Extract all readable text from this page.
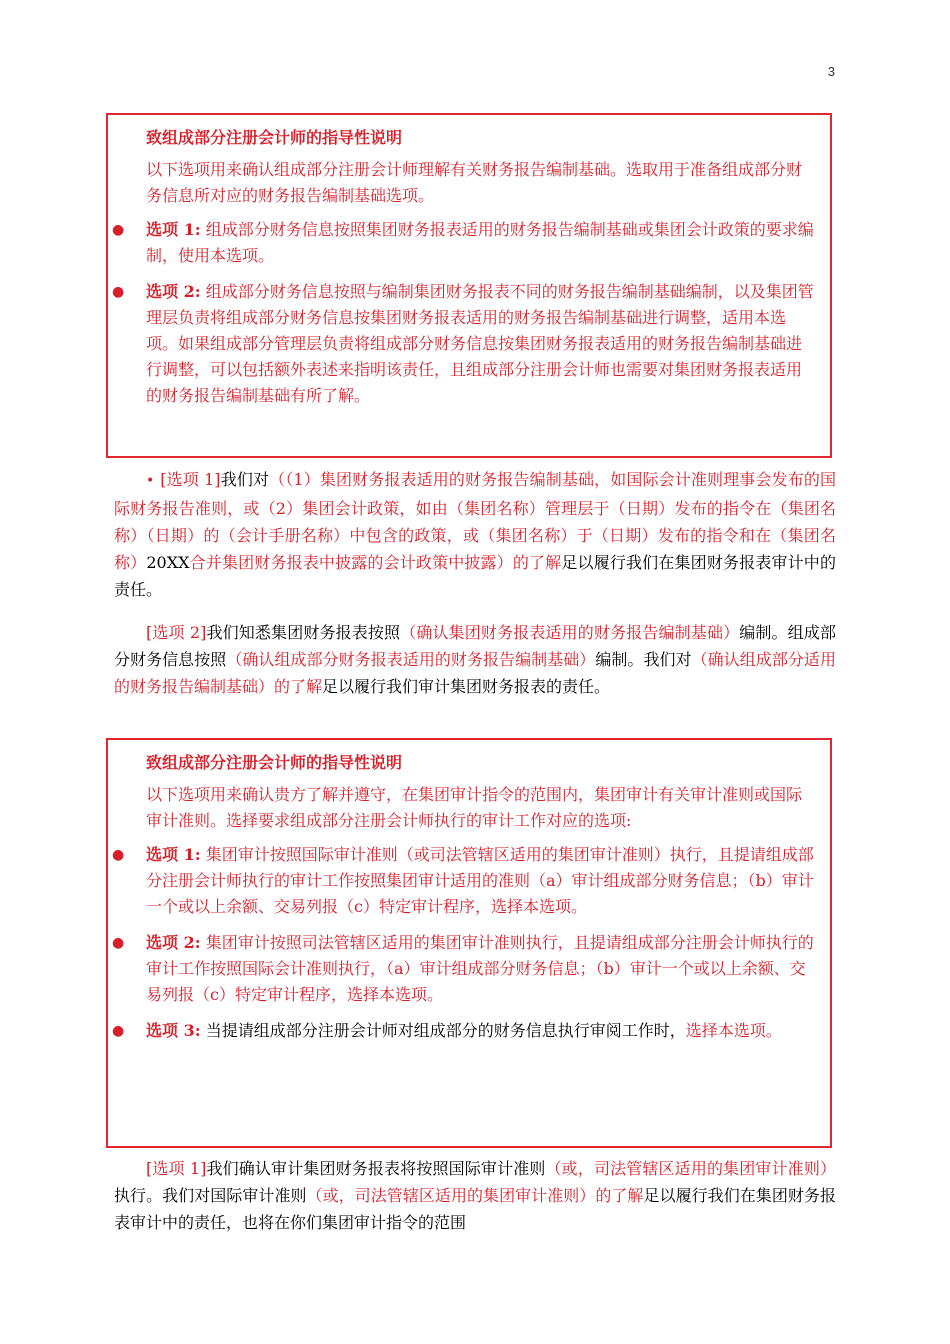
3
致组成部分注册会计师的指导性说明
以下选项用来确认组成部分注册会计师理解有关财务报告编制基础。选取用于准备组成部分财务信息所对应的财务报告编制基础选项。
● 选项 1: 组成部分财务信息按照集团财务报表适用的财务报告编制基础或集团会计政策的要求编制，使用本选项。
● 选项 2: 组成部分财务信息按照与编制集团财务报表不同的财务报告编制基础编制，以及集团管理层负责将组成部分财务信息按集团财务报表适用的财务报告编制基础进行调整，适用本选项。如果组成部分管理层负责将组成部分财务信息按集团财务报表适用的财务报告编制基础进行调整，可以包括额外表述来指明该责任，且组成部分注册会计师也需要对集团财务报表适用的财务报告编制基础有所了解。
• [选项 1]我们对（（1）集团财务报表适用的财务报告编制基础，如国际会计准则理事会发布的国际财务报告准则，或（2）集团会计政策，如由（集团名称）管理层于（日期）发布的指令在（集团名称）（日期）的（会计手册名称）中包含的政策，或（集团名称）于（日期）发布的指令和在（集团名称）20XX合并集团财务报表中披露的会计政策中披露）的了解足以履行我们在集团财务报表审计中的责任。
[选项 2]我们知悉集团财务报表按照（确认集团财务报表适用的财务报告编制基础）编制。组成部分财务信息按照（确认组成部分财务报表适用的财务报告编制基础）编制。我们对（确认组成部分适用的财务报告编制基础）的了解足以履行我们审计集团财务报表的责任。
致组成部分注册会计师的指导性说明
以下选项用来确认贵方了解并遵守，在集团审计指令的范围内，集团审计有关审计准则或国际审计准则。选择要求组成部分注册会计师执行的审计工作对应的选项:
● 选项 1: 集团审计按照国际审计准则（或司法管辖区适用的集团审计准则）执行，且提请组成部分注册会计师执行的审计工作按照集团审计适用的准则（a）审计组成部分财务信息；（b）审计一个或以上余额、交易列报（c）特定审计程序，选择本选项。
● 选项 2: 集团审计按照司法管辖区适用的集团审计准则执行，且提请组成部分注册会计师执行的审计工作按照国际会计准则执行，（a）审计组成部分财务信息；（b）审计一个或以上余额、交易列报（c）特定审计程序，选择本选项。
● 选项 3: 当提请组成部分注册会计师对组成部分的财务信息执行审阅工作时，选择本选项。
[选项 1]我们确认审计集团财务报表将按照国际审计准则（或，司法管辖区适用的集团审计准则）执行。我们对国际审计准则（或，司法管辖区适用的集团审计准则）的了解足以履行我们在集团财务报表审计中的责任，也将在你们集团审计指令的范围
